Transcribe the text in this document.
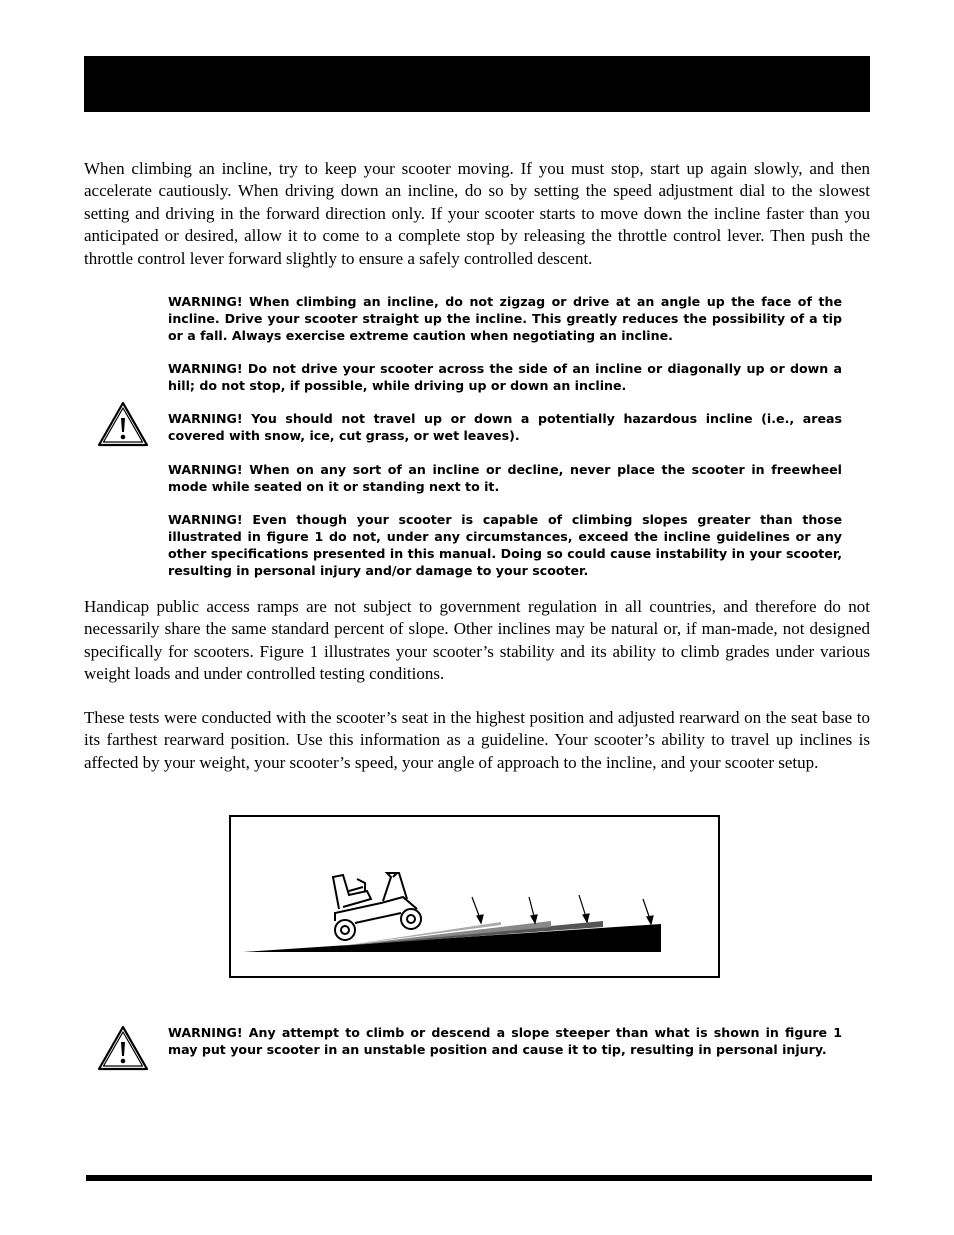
When climbing an incline, try to keep your scooter moving. If you must stop, start up again slowly, and then accelerate cautiously. When driving down an incline, do so by setting the speed adjustment dial to the slowest setting and driving in the forward direction only. If your scooter starts to move down the incline faster than you anticipated or desired, allow it to come to a complete stop by releasing the throttle control lever. Then push the throttle control lever forward slightly to ensure a safely controlled descent.

WARNING! When climbing an incline, do not zigzag or drive at an angle up the face of the incline. Drive your scooter straight up the incline. This greatly reduces the possibility of a tip or a fall. Always exercise extreme caution when negotiating an incline.

WARNING! Do not drive your scooter across the side of an incline or diagonally up or down a hill; do not stop, if possible, while driving up or down an incline.

WARNING! You should not travel up or down a potentially hazardous incline (i.e., areas covered with snow, ice, cut grass, or wet leaves).

WARNING! When on any sort of an incline or decline, never place the scooter in freewheel mode while seated on it or standing next to it.

WARNING! Even though your scooter is capable of climbing slopes greater than those illustrated in figure 1 do not, under any circumstances, exceed the incline guidelines or any other specifications presented in this manual. Doing so could cause instability in your scooter, resulting in personal injury and/or damage to your scooter.

Handicap public access ramps are not subject to government regulation in all countries, and therefore do not necessarily share the same standard percent of slope. Other inclines may be natural or, if man-made, not designed specifically for scooters. Figure 1 illustrates your scooter’s stability and its ability to climb grades under various weight loads and under controlled testing conditions.

These tests were conducted with the scooter’s seat in the highest position and adjusted rearward on the seat base to its farthest rearward position. Use this information as a guideline. Your scooter’s ability to travel up inclines is affected by your weight, your scooter’s speed, your angle of approach to the incline, and your scooter setup.

WARNING! Any attempt to climb or descend a slope steeper than what is shown in figure 1 may put your scooter in an unstable position and cause it to tip, resulting in personal injury.
